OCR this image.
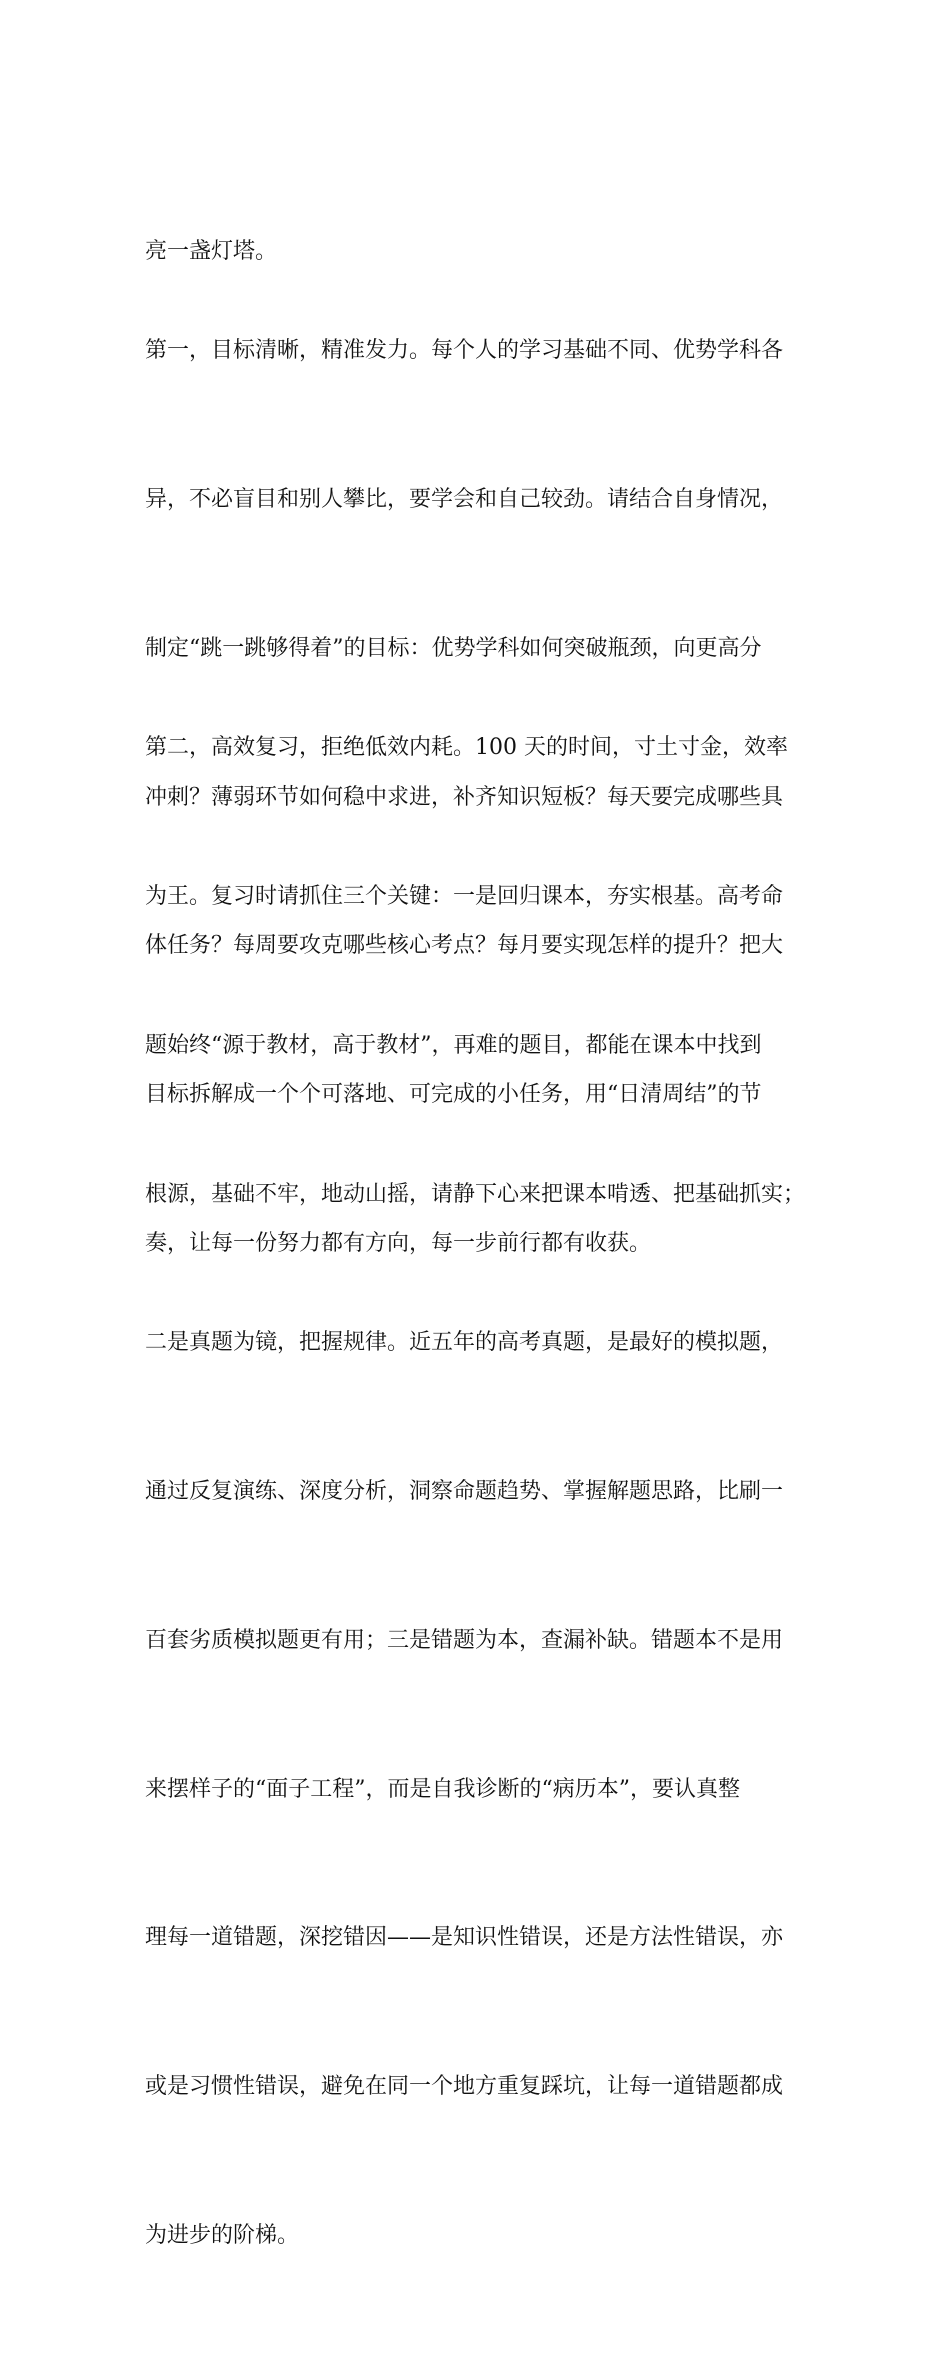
亮一盏灯塔。

第一，目标清晰，精准发力。每个人的学习基础不同、优势学科各

异，不必盲目和别人攀比，要学会和自己较劲。请结合自身情况，

制定“跳一跳够得着”的目标：优势学科如何突破瓶颈，向更高分

冲刺？薄弱环节如何稳中求进，补齐知识短板？每天要完成哪些具

体任务？每周要攻克哪些核心考点？每月要实现怎样的提升？把大

目标拆解成一个个可落地、可完成的小任务，用“日清周结”的节

奏，让每一份努力都有方向，每一步前行都有收获。

第二，高效复习，拒绝低效内耗。100 天的时间，寸土寸金，效率

为王。复习时请抓住三个关键：一是回归课本，夯实根基。高考命

题始终“源于教材，高于教材”，再难的题目，都能在课本中找到

根源，基础不牢，地动山摇，请静下心来把课本啃透、把基础抓实；

二是真题为镜，把握规律。近五年的高考真题，是最好的模拟题，

通过反复演练、深度分析，洞察命题趋势、掌握解题思路，比刷一

百套劣质模拟题更有用；三是错题为本，查漏补缺。错题本不是用

来摆样子的“面子工程”，而是自我诊断的“病历本”，要认真整

理每一道错题，深挖错因——是知识性错误，还是方法性错误，亦

或是习惯性错误，避免在同一个地方重复踩坑，让每一道错题都成

为进步的阶梯。
